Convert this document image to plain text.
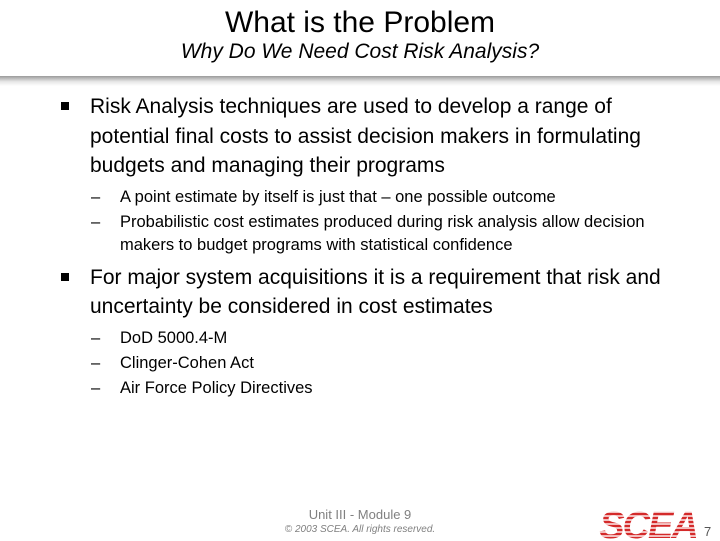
What is the Problem
Why Do We Need Cost Risk Analysis?
Risk Analysis techniques are used to develop a range of potential final costs to assist decision makers in formulating budgets and managing their programs
– A point estimate by itself is just that – one possible outcome
– Probabilistic cost estimates produced during risk analysis allow decision makers to budget programs with statistical confidence
For major system acquisitions it is a requirement that risk and uncertainty be considered in cost estimates
– DoD 5000.4-M
– Clinger-Cohen Act
– Air Force Policy Directives
Unit III - Module 9
© 2003 SCEA. All rights reserved.	SCEA 7
